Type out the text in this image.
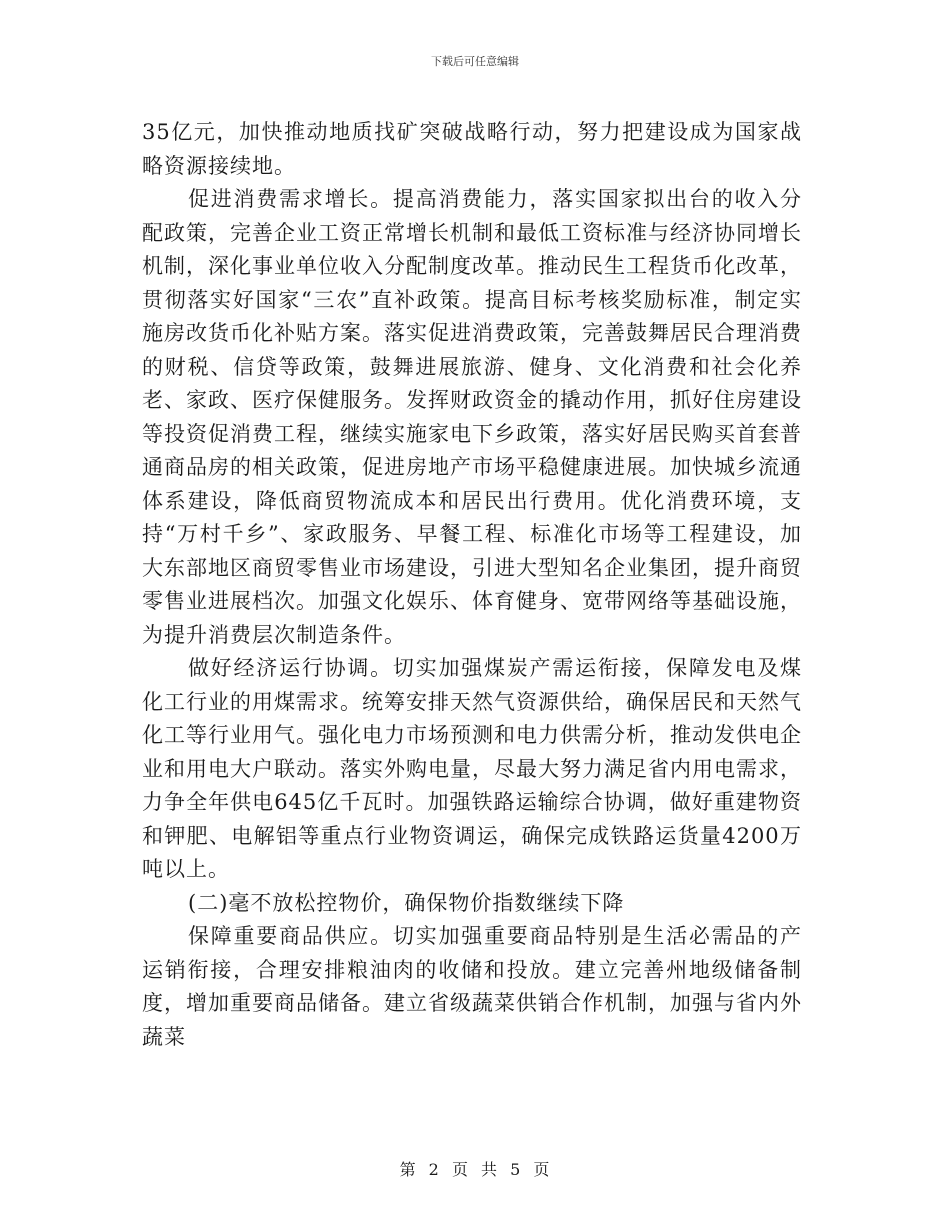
下载后可任意编辑

35亿元，加快推动地质找矿突破战略行动，努力把建设成为国家战略资源接续地。

促进消费需求增长。提高消费能力，落实国家拟出台的收入分配政策，完善企业工资正常增长机制和最低工资标准与经济协同增长机制，深化事业单位收入分配制度改革。推动民生工程货币化改革，贯彻落实好国家“三农”直补政策。提高目标考核奖励标准，制定实施房改货币化补贴方案。落实促进消费政策，完善鼓舞居民合理消费的财税、信贷等政策，鼓舞进展旅游、健身、文化消费和社会化养老、家政、医疗保健服务。发挥财政资金的撬动作用，抓好住房建设等投资促消费工程，继续实施家电下乡政策，落实好居民购买首套普通商品房的相关政策，促进房地产市场平稳健康进展。加快城乡流通体系建设，降低商贸物流成本和居民出行费用。优化消费环境，支持“万村千乡”、家政服务、早餐工程、标准化市场等工程建设，加大东部地区商贸零售业市场建设，引进大型知名企业集团，提升商贸零售业进展档次。加强文化娱乐、体育健身、宽带网络等基础设施，为提升消费层次制造条件。

做好经济运行协调。切实加强煤炭产需运衔接，保障发电及煤化工行业的用煤需求。统筹安排天然气资源供给，确保居民和天然气化工等行业用气。强化电力市场预测和电力供需分析，推动发供电企业和用电大户联动。落实外购电量，尽最大努力满足省内用电需求，力争全年供电645亿千瓦时。加强铁路运输综合协调，做好重建物资和钾肥、电解铝等重点行业物资调运，确保完成铁路运货量4200万吨以上。

(二)毫不放松控物价，确保物价指数继续下降

保障重要商品供应。切实加强重要商品特别是生活必需品的产运销衔接，合理安排粮油肉的收储和投放。建立完善州地级储备制度，增加重要商品储备。建立省级蔬菜供销合作机制，加强与省内外蔬菜

第 2 页 共 5 页
